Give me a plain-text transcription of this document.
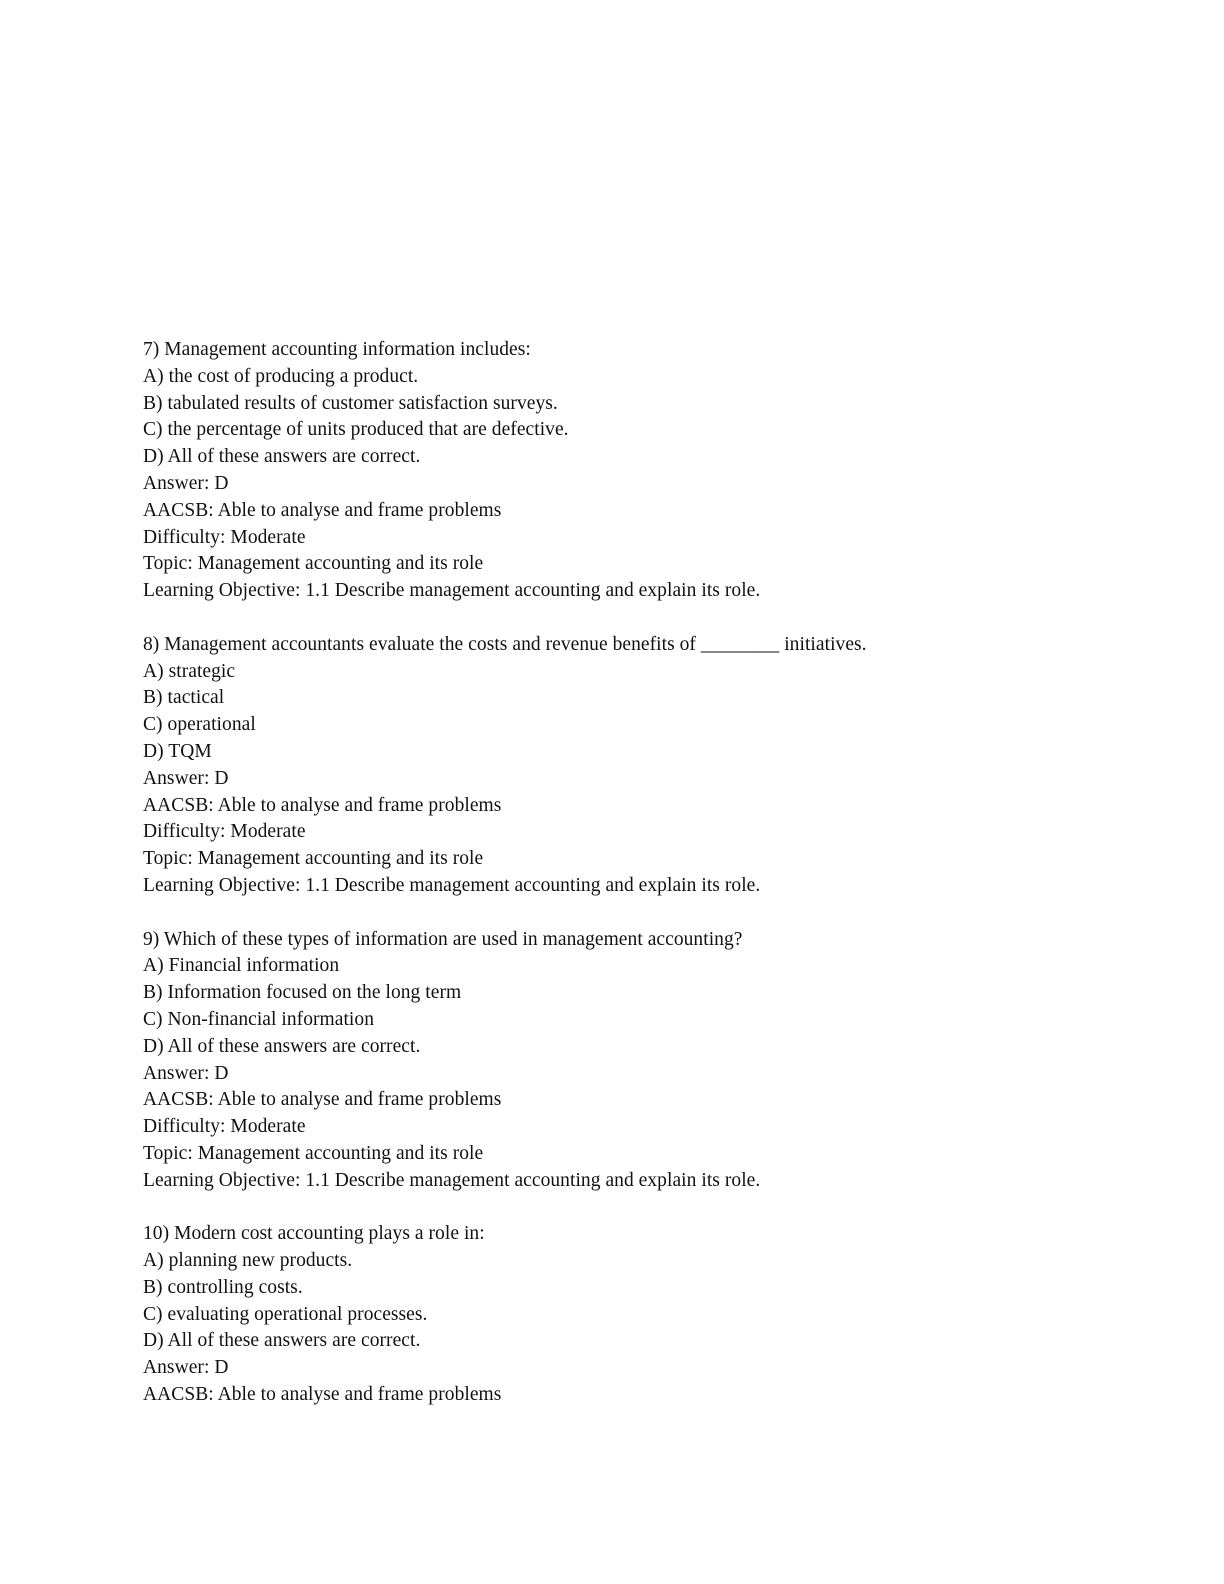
7) Management accounting information includes:
A) the cost of producing a product.
B) tabulated results of customer satisfaction surveys.
C) the percentage of units produced that are defective.
D) All of these answers are correct.
Answer: D
AACSB: Able to analyse and frame problems
Difficulty: Moderate
Topic: Management accounting and its role
Learning Objective: 1.1 Describe management accounting and explain its role.
8) Management accountants evaluate the costs and revenue benefits of ________ initiatives.
A) strategic
B) tactical
C) operational
D) TQM
Answer: D
AACSB: Able to analyse and frame problems
Difficulty: Moderate
Topic: Management accounting and its role
Learning Objective: 1.1 Describe management accounting and explain its role.
9) Which of these types of information are used in management accounting?
A) Financial information
B) Information focused on the long term
C) Non-financial information
D) All of these answers are correct.
Answer: D
AACSB: Able to analyse and frame problems
Difficulty: Moderate
Topic: Management accounting and its role
Learning Objective: 1.1 Describe management accounting and explain its role.
10) Modern cost accounting plays a role in:
A) planning new products.
B) controlling costs.
C) evaluating operational processes.
D) All of these answers are correct.
Answer: D
AACSB: Able to analyse and frame problems
